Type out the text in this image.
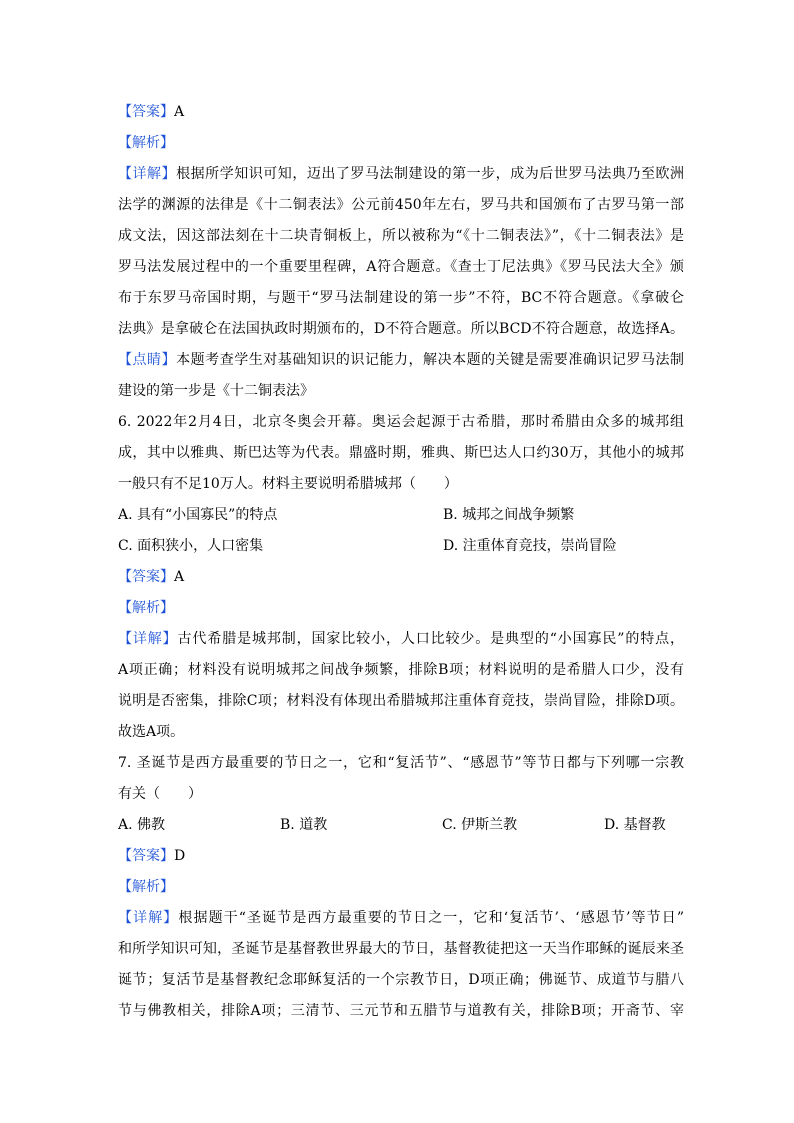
【答案】A
【解析】
【详解】根据所学知识可知，迈出了罗马法制建设的第一步，成为后世罗马法典乃至欧洲
法学的渊源的法律是《十二铜表法》公元前450年左右，罗马共和国颁布了古罗马第一部
成文法，因这部法刻在十二块青铜板上，所以被称为“《十二铜表法》”，《十二铜表法》是
罗马法发展过程中的一个重要里程碑，A符合题意。《查士丁尼法典》《罗马民法大全》颁
布于东罗马帝国时期，与题干“罗马法制建设的第一步”不符，BC不符合题意。《拿破仑
法典》是拿破仑在法国执政时期颁布的，D不符合题意。所以BCD不符合题意，故选择A。
【点睛】本题考查学生对基础知识的识记能力，解决本题的关键是需要准确识记罗马法制
建设的第一步是《十二铜表法》
6. 2022年2月4日，北京冬奥会开幕。奥运会起源于古希腊，那时希腊由众多的城邦组
成，其中以雅典、斯巴达等为代表。鼎盛时期，雅典、斯巴达人口约30万，其他小的城邦
一般只有不足10万人。材料主要说明希腊城邦（　　）
A. 具有“小国寡民”的特点	B. 城邦之间战争频繁
C. 面积狭小，人口密集	D. 注重体育竞技，崇尚冒险
【答案】A
【解析】
【详解】古代希腊是城邦制，国家比较小，人口比较少。是典型的“小国寡民”的特点，
A项正确；材料没有说明城邦之间战争频繁，排除B项；材料说明的是希腊人口少，没有
说明是否密集，排除C项；材料没有体现出希腊城邦注重体育竞技，崇尚冒险，排除D项。
故选A项。
7. 圣诞节是西方最重要的节日之一，它和“复活节”、“感恩节”等节日都与下列哪一宗教
有关（　　）
A. 佛教	B. 道教	C. 伊斯兰教	D. 基督教
【答案】D
【解析】
【详解】根据题干“圣诞节是西方最重要的节日之一，它和‘复活节’、‘感恩节’等节日”
和所学知识可知，圣诞节是基督教世界最大的节日，基督教徒把这一天当作耶稣的诞辰来圣
诞节；复活节是基督教纪念耶稣复活的一个宗教节日，D项正确；佛诞节、成道节与腊八
节与佛教相关，排除A项；三清节、三元节和五腊节与道教有关，排除B项；开斋节、宰
